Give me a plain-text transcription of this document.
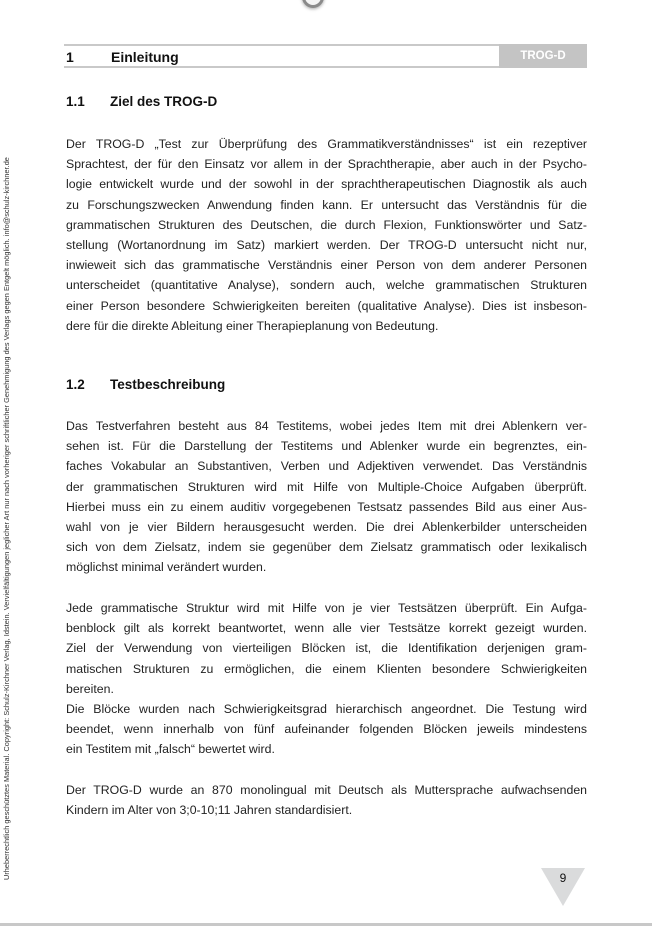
Urheberrechtlich geschütztes Material. Copyright: Schulz-Kirchner Verlag, Idstein. Vervielfältigungen jeglicher Art nur nach vorheriger schriftlicher Genehmigung des Verlags gegen Entgelt möglich. info@schulz-kirchner.de
1	Einleitung	TROG-D
1.1 Ziel des TROG-D
Der TROG-D „Test zur Überprüfung des Grammatikverständnisses“ ist ein rezeptiver
Sprachtest, der für den Einsatz vor allem in der Sprachtherapie, aber auch in der Psycho-
logie entwickelt wurde und der sowohl in der sprachtherapeutischen Diagnostik als auch
zu Forschungszwecken Anwendung finden kann. Er untersucht das Verständnis für die
grammatischen Strukturen des Deutschen, die durch Flexion, Funktionswörter und Satz-
stellung (Wortanordnung im Satz) markiert werden. Der TROG-D untersucht nicht nur,
inwieweit sich das grammatische Verständnis einer Person von dem anderer Personen
unterscheidet (quantitative Analyse), sondern auch, welche grammatischen Strukturen
einer Person besondere Schwierigkeiten bereiten (qualitative Analyse). Dies ist insbeson-
dere für die direkte Ableitung einer Therapieplanung von Bedeutung.
1.2 Testbeschreibung
Das Testverfahren besteht aus 84 Testitems, wobei jedes Item mit drei Ablenkern ver-
sehen ist. Für die Darstellung der Testitems und Ablenker wurde ein begrenztes, ein-
faches Vokabular an Substantiven, Verben und Adjektiven verwendet. Das Verständnis
der grammatischen Strukturen wird mit Hilfe von Multiple-Choice Aufgaben überprüft.
Hierbei muss ein zu einem auditiv vorgegebenen Testsatz passendes Bild aus einer Aus-
wahl von je vier Bildern herausgesucht werden. Die drei Ablenkerbilder unterscheiden
sich von dem Zielsatz, indem sie gegenüber dem Zielsatz grammatisch oder lexikalisch
möglichst minimal verändert wurden.
Jede grammatische Struktur wird mit Hilfe von je vier Testsätzen überprüft. Ein Aufga-
benblock gilt als korrekt beantwortet, wenn alle vier Testsätze korrekt gezeigt wurden.
Ziel der Verwendung von vierteiligen Blöcken ist, die Identifikation derjenigen gram-
matischen Strukturen zu ermöglichen, die einem Klienten besondere Schwierigkeiten
bereiten.
Die Blöcke wurden nach Schwierigkeitsgrad hierarchisch angeordnet. Die Testung wird
beendet, wenn innerhalb von fünf aufeinander folgenden Blöcken jeweils mindestens
ein Testitem mit „falsch“ bewertet wird.
Der TROG-D wurde an 870 monolingual mit Deutsch als Muttersprache aufwachsenden
Kindern im Alter von 3;0-10;11 Jahren standardisiert.
9
